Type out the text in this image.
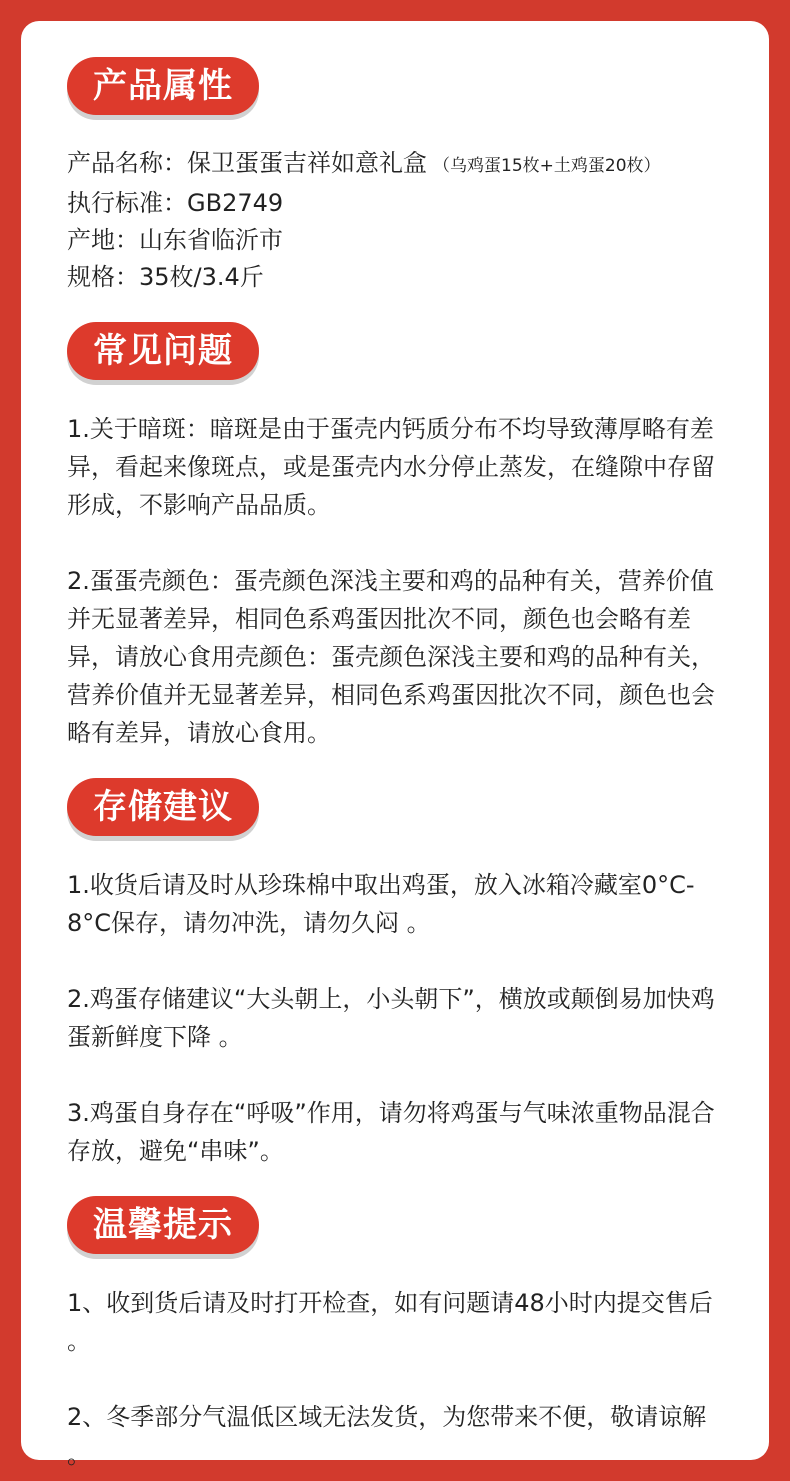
产品属性
产品名称：保卫蛋蛋吉祥如意礼盒 （乌鸡蛋15枚+土鸡蛋20枚）
执行标准：GB2749
产地：山东省临沂市
规格：35枚/3.4斤
常见问题

1.关于暗斑：暗斑是由于蛋壳内钙质分布不均导致薄厚略有差异，看起来像斑点，或是蛋壳内水分停止蒸发，在缝隙中存留形成，不影响产品品质。

2.蛋蛋壳颜色：蛋壳颜色深浅主要和鸡的品种有关，营养价值并无显著差异，相同色系鸡蛋因批次不同，颜色也会略有差异，请放心食用壳颜色：蛋壳颜色深浅主要和鸡的品种有关，营养价值并无显著差异，相同色系鸡蛋因批次不同，颜色也会略有差异，请放心食用。

存储建议

1.收货后请及时从珍珠棉中取出鸡蛋，放入冰箱冷藏室0°C-8°C保存，请勿冲洗，请勿久闷 。

2.鸡蛋存储建议“大头朝上，小头朝下”，横放或颠倒易加快鸡蛋新鲜度下降 。

3.鸡蛋自身存在“呼吸”作用，请勿将鸡蛋与气味浓重物品混合存放，避免“串味”。

温馨提示

1、收到货后请及时打开检查，如有问题请48小时内提交售后 。

2、冬季部分气温低区域无法发货，为您带来不便，敬请谅解 。
